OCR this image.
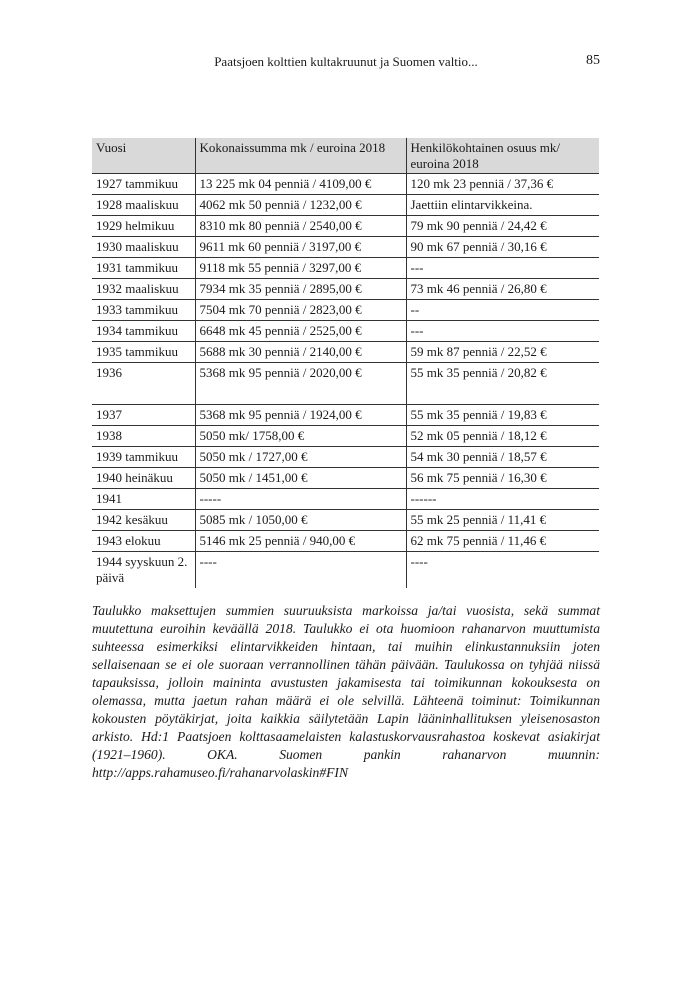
Paatsjoen kolttien kultakruunut ja Suomen valtio...	85
Vuosi	Kokonaissumma mk / euroina 2018	Henkilökohtainen osuus mk/ euroina 2018
1927 tammikuu	13 225 mk 04 penniä / 4109,00 €	120 mk 23 penniä / 37,36 €
1928 maaliskuu	4062 mk 50 penniä / 1232,00 €	Jaettiin elintarvikkeina.
1929 helmikuu	8310 mk 80 penniä / 2540,00 €	79 mk 90 penniä / 24,42 €
1930 maaliskuu	9611 mk 60 penniä / 3197,00 €	90 mk 67 penniä / 30,16 €
1931 tammikuu	9118 mk 55 penniä / 3297,00 €	---
1932 maaliskuu	7934 mk 35 penniä / 2895,00 €	73 mk 46 penniä / 26,80 €
1933 tammikuu	7504 mk 70 penniä / 2823,00 €	--
1934 tammikuu	6648 mk 45 penniä / 2525,00 €	---
1935 tammikuu	5688 mk 30 penniä / 2140,00 €	59 mk 87 penniä / 22,52 €
1936	5368 mk 95 penniä / 2020,00 €	55 mk 35 penniä / 20,82 €
1937	5368 mk 95 penniä / 1924,00 €	55 mk 35 penniä / 19,83 €
1938	5050 mk/ 1758,00 €	52 mk 05 penniä / 18,12 €
1939 tammikuu	5050 mk / 1727,00 €	54 mk 30 penniä / 18,57 €
1940 heinäkuu	5050 mk / 1451,00 €	56 mk 75 penniä / 16,30 €
1941	-----	------
1942 kesäkuu	5085 mk / 1050,00 €	55 mk 25 penniä / 11,41 €
1943 elokuu	5146 mk 25 penniä / 940,00 €	62 mk 75 penniä / 11,46 €
1944 syyskuun 2. päivä	----	----

Taulukko maksettujen summien suuruuksista markoissa ja/tai vuosista, sekä summat muutettuna euroihin keväällä 2018. Taulukko ei ota huomioon rahanarvon muuttumista suhteessa esimerkiksi elintarvikkeiden hintaan, tai muihin elinkustannuksiin joten sellaisenaan se ei ole suoraan verrannollinen tähän päivään. Taulukossa on tyhjää niissä tapauksissa, jolloin maininta avustusten jakamisesta tai toimikunnan kokouksesta on olemassa, mutta jaetun rahan määrä ei ole selvillä. Lähteenä toiminut: Toimikunnan kokousten pöytäkirjat, joita kaikkia säilytetään Lapin lääninhallituksen yleisenosaston arkisto. Hd:1 Paatsjoen kolttasaamelaisten kalastuskorvausrahastoa koskevat asiakirjat (1921–1960). OKA. Suomen pankin rahanarvon muunnin: http://apps.rahamuseo.fi/rahanarvolaskin#FIN
